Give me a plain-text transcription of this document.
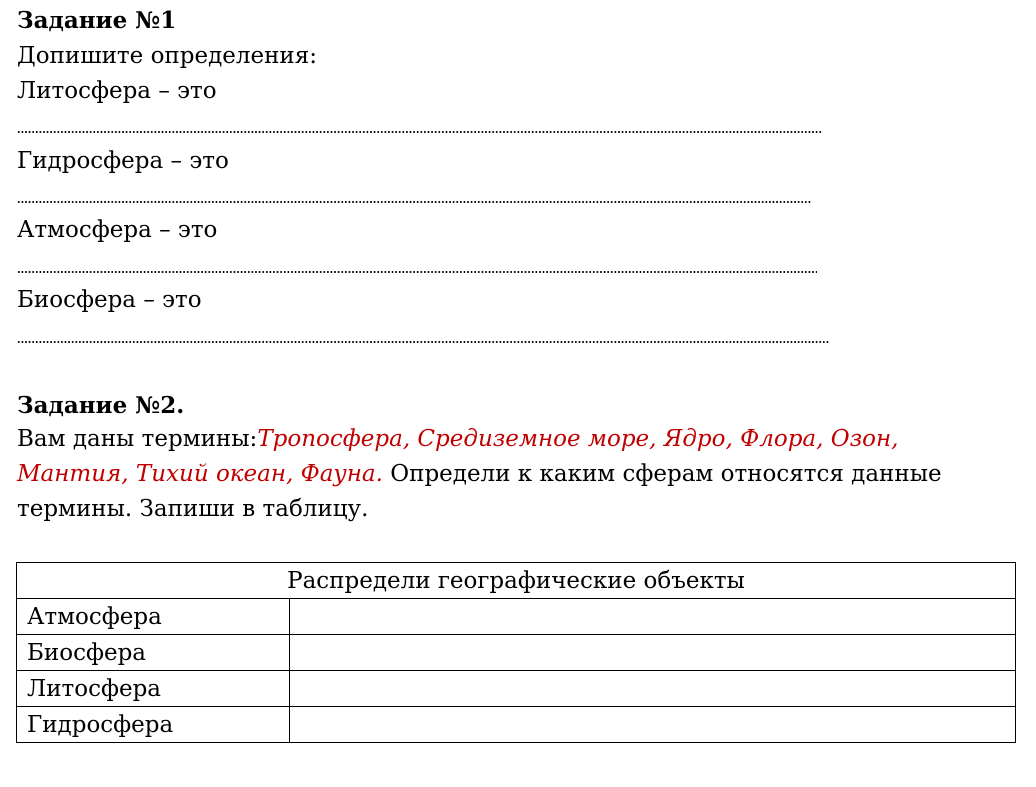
Задание №1
Допишите определения:
Литосфера – это
Гидросфера – это
Атмосфера – это
Биосфера – это
Задание №2.
Вам даны термины:Тропосфера, Средиземное море, Ядро, Флора, Озон, Мантия, Тихий океан, Фауна. Определи к каким сферам относятся данные термины. Запиши в таблицу.
Распредели географические объекты	
Атмосфера	
Биосфера	
Литосфера	
Гидросфера	
